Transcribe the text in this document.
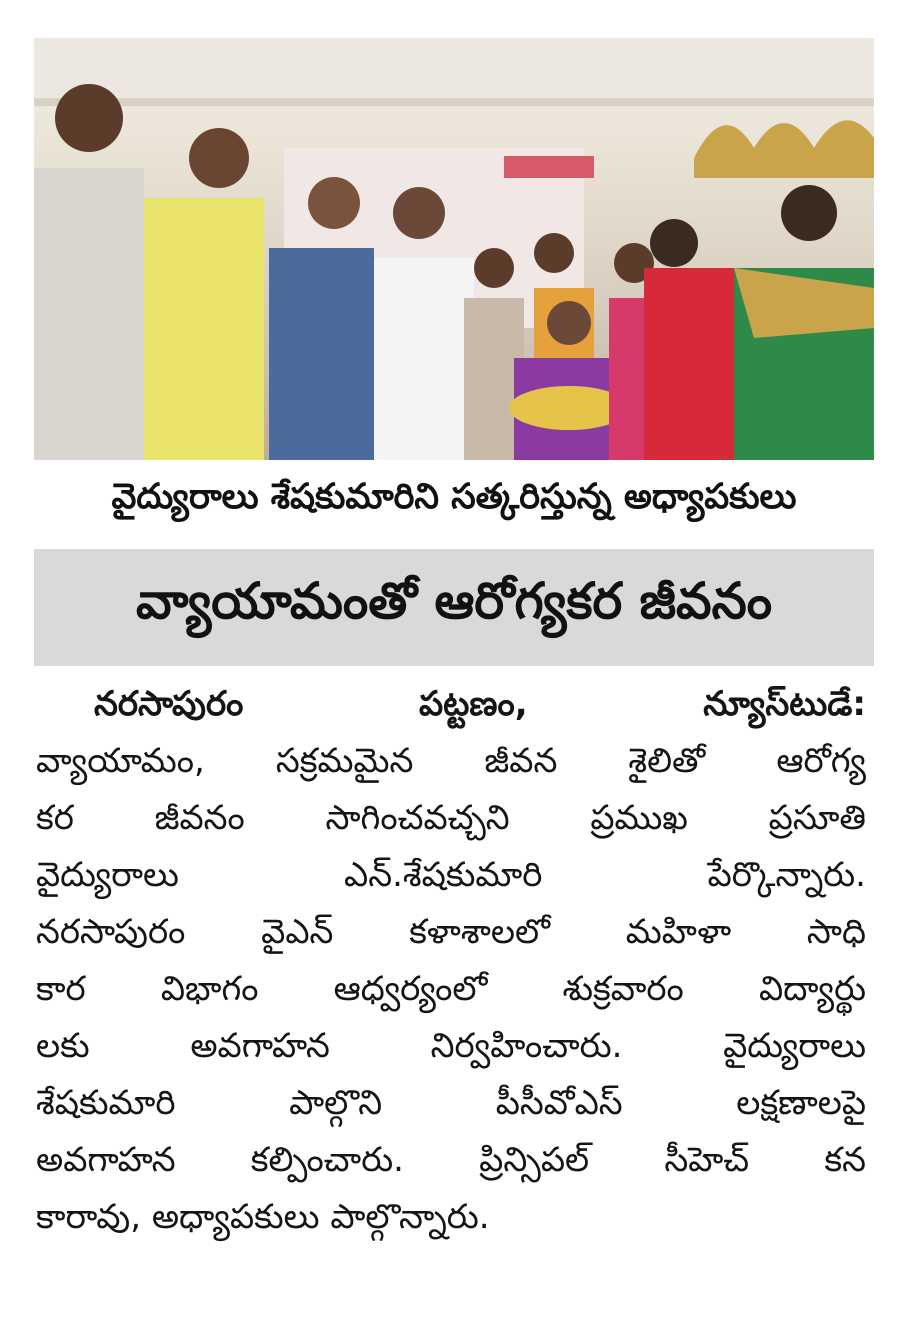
వైద్యురాలు శేషకుమారిని సత్కరిస్తున్న అధ్యాపకులు
వ్యాయామంతో ఆరోగ్యకర జీవనం
నరసాపురం పట్టణం, న్యూస్‌టుడే:
వ్యాయామం, సక్రమమైన జీవన శైలితో ఆరోగ్య
కర జీవనం సాగించవచ్చని ప్రముఖ ప్రసూతి
వైద్యురాలు ఎన్.శేషకుమారి పేర్కొన్నారు.
నరసాపురం వైఎన్ కళాశాలలో మహిళా సాధి
కార విభాగం ఆధ్వర్యంలో శుక్రవారం విద్యార్థు
లకు అవగాహన నిర్వహించారు. వైద్యురాలు
శేషకుమారి పాల్గొని పీసీవోఎస్ లక్షణాలపై
అవగాహన కల్పించారు. ప్రిన్సిపల్ సీహెచ్ కన
కారావు, అధ్యాపకులు పాల్గొన్నారు.
